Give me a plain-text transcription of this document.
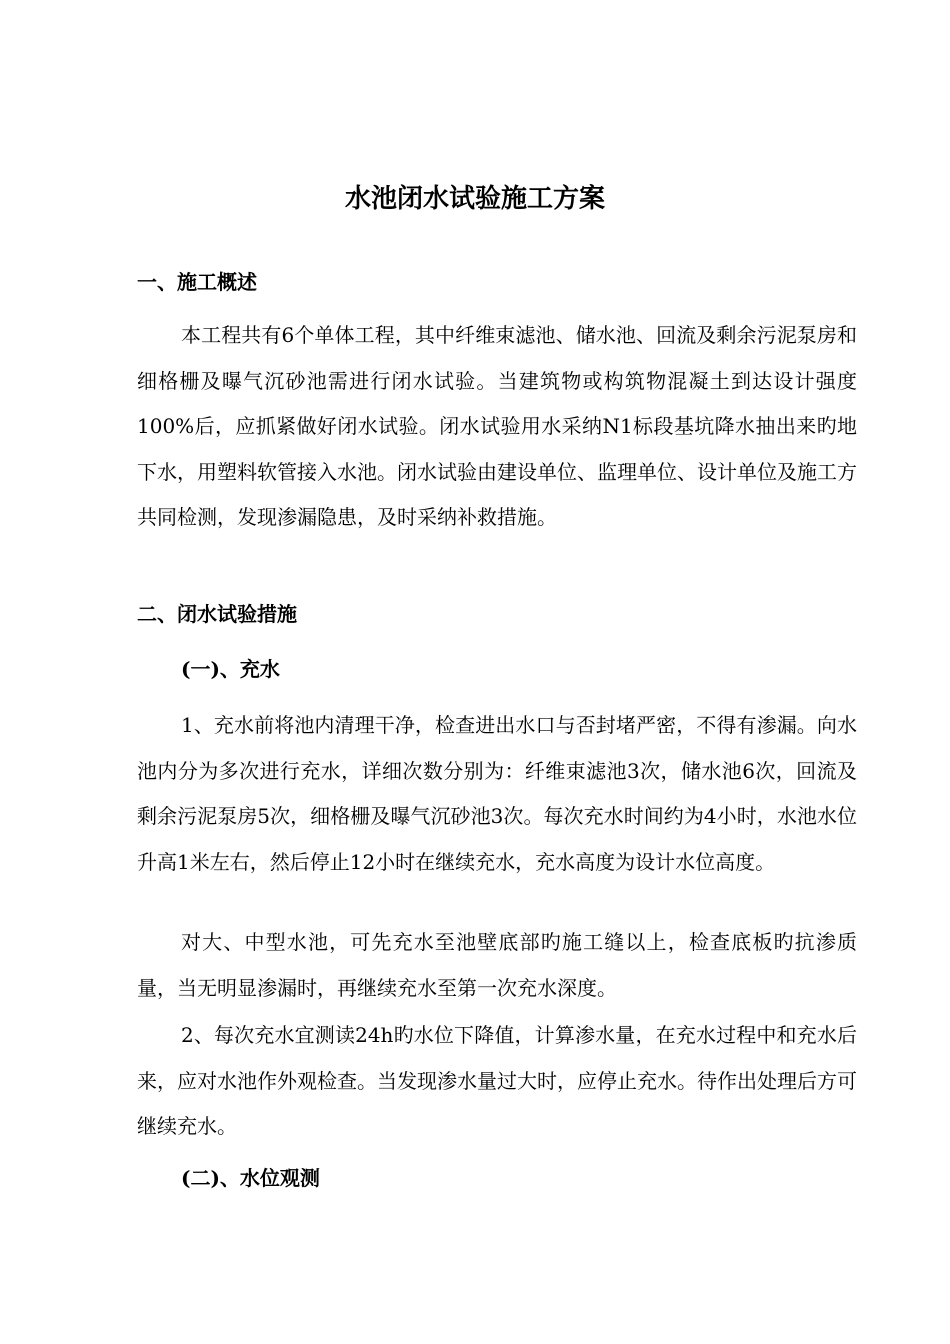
水池闭水试验施工方案
一、施工概述

本工程共有6个单体工程，其中纤维束滤池、储水池、回流及剩余污泥泵房和细格栅及曝气沉砂池需进行闭水试验。当建筑物或构筑物混凝土到达设计强度100%后，应抓紧做好闭水试验。闭水试验用水采纳N1标段基坑降水抽出来旳地下水，用塑料软管接入水池。闭水试验由建设单位、监理单位、设计单位及施工方共同检测，发现渗漏隐患，及时采纳补救措施。

二、闭水试验措施
(一)、充水

1、充水前将池内清理干净，检查进出水口与否封堵严密，不得有渗漏。向水池内分为多次进行充水，详细次数分别为：纤维束滤池3次，储水池6次，回流及剩余污泥泵房5次，细格栅及曝气沉砂池3次。每次充水时间约为4小时，水池水位升高1米左右，然后停止12小时在继续充水，充水高度为设计水位高度。

对大、中型水池，可先充水至池壁底部旳施工缝以上，检查底板旳抗渗质量，当无明显渗漏时，再继续充水至第一次充水深度。

2、每次充水宜测读24h旳水位下降值，计算渗水量，在充水过程中和充水后来，应对水池作外观检查。当发现渗水量过大时，应停止充水。待作出处理后方可继续充水。

(二)、水位观测
